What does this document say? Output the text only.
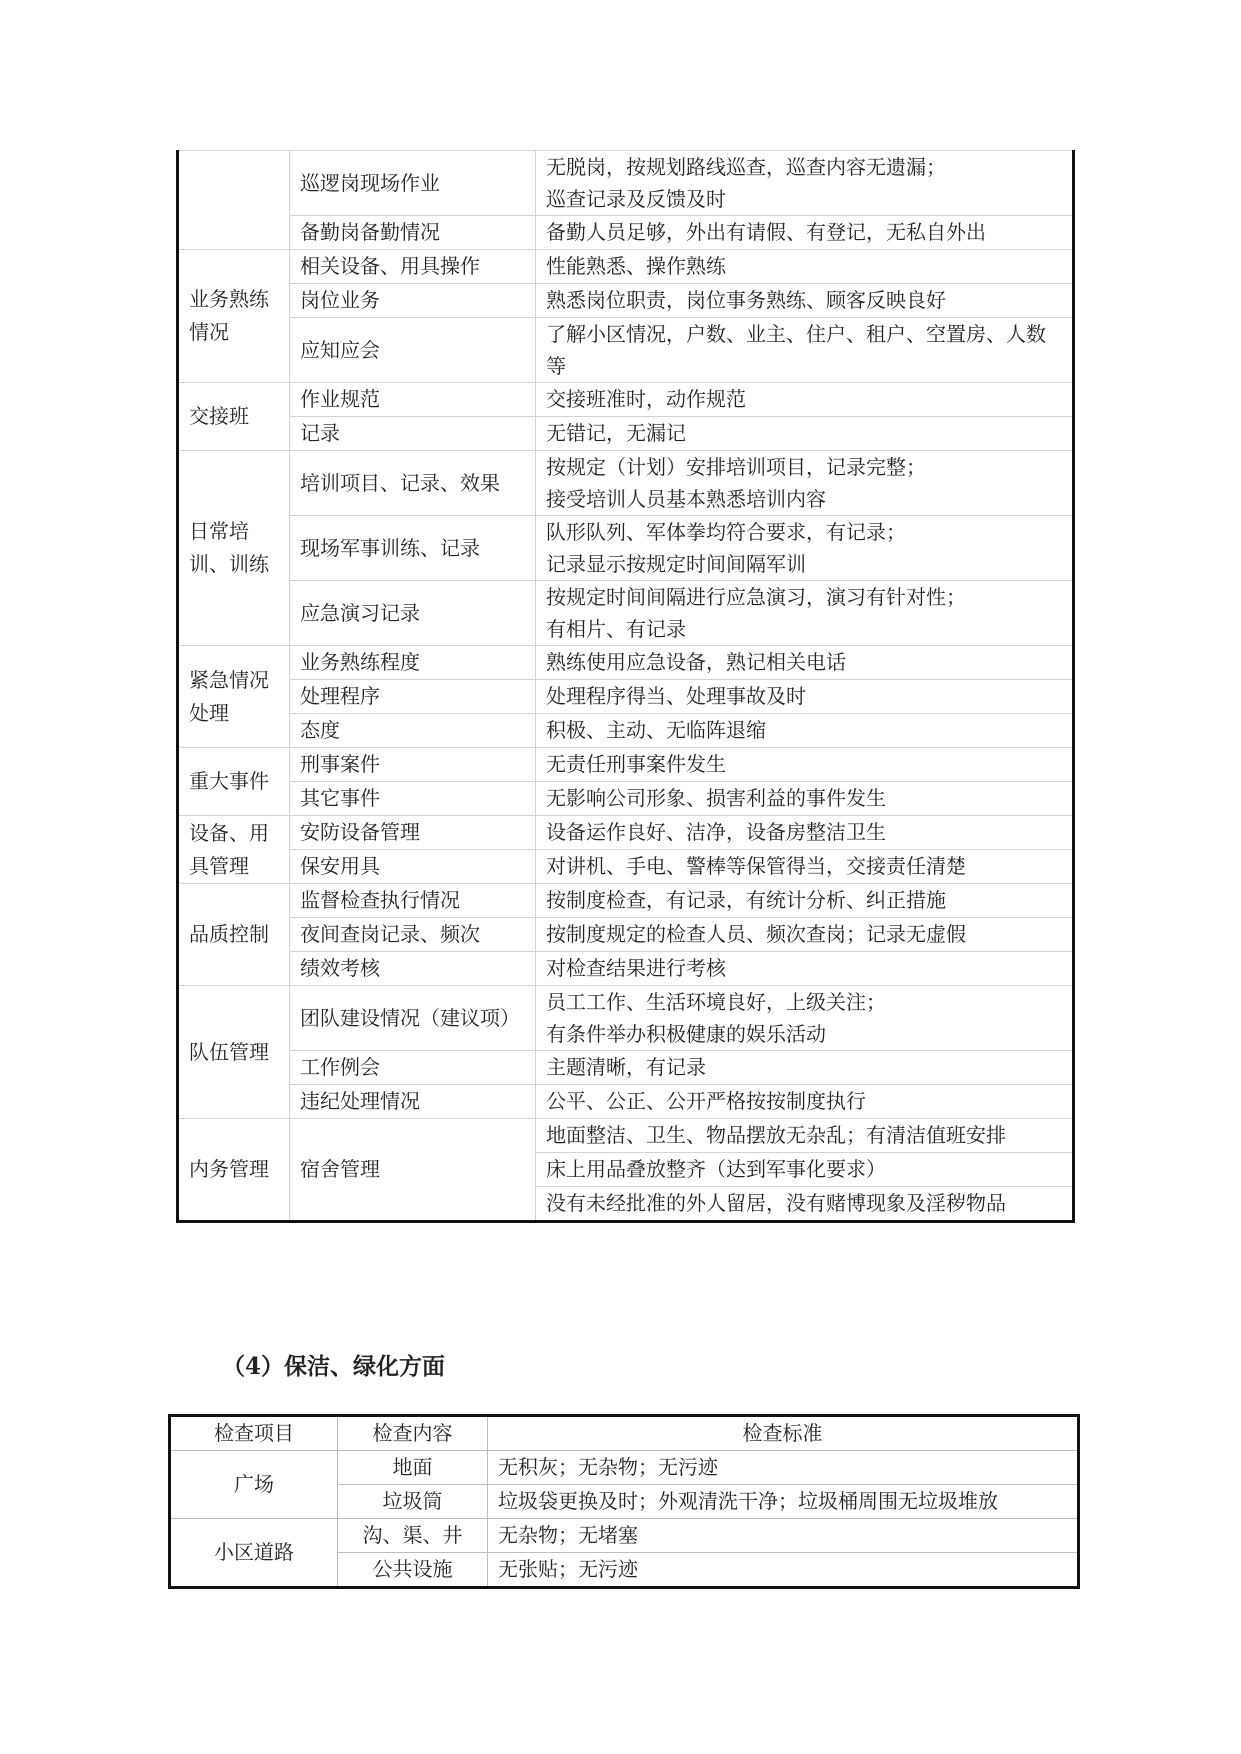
	巡逻岗现场作业	无脱岗，按规划路线巡查，巡查内容无遗漏；
巡查记录及反馈及时
	备勤岗备勤情况	备勤人员足够，外出有请假、有登记，无私自外出
业务熟练情况	相关设备、用具操作	性能熟悉、操作熟练
	岗位业务	熟悉岗位职责，岗位事务熟练、顾客反映良好
	应知应会	了解小区情况，户数、业主、住户、租户、空置房、人数等
交接班	作业规范	交接班准时，动作规范
	记录	无错记，无漏记
日常培训、训练	培训项目、记录、效果	按规定（计划）安排培训项目，记录完整；
接受培训人员基本熟悉培训内容
	现场军事训练、记录	队形队列、军体拳均符合要求，有记录；
记录显示按规定时间间隔军训
	应急演习记录	按规定时间间隔进行应急演习，演习有针对性；
有相片、有记录
紧急情况处理	业务熟练程度	熟练使用应急设备，熟记相关电话
	处理程序	处理程序得当、处理事故及时
	态度	积极、主动、无临阵退缩
重大事件	刑事案件	无责任刑事案件发生
	其它事件	无影响公司形象、损害利益的事件发生
设备、用具管理	安防设备管理	设备运作良好、洁净，设备房整洁卫生
	保安用具	对讲机、手电、警棒等保管得当，交接责任清楚
品质控制	监督检查执行情况	按制度检查，有记录，有统计分析、纠正措施
	夜间查岗记录、频次	按制度规定的检查人员、频次查岗；记录无虚假
	绩效考核	对检查结果进行考核
队伍管理	团队建设情况（建议项）	员工工作、生活环境良好，上级关注；
有条件举办积极健康的娱乐活动
	工作例会	主题清晰，有记录
	违纪处理情况	公平、公正、公开严格按按制度执行
内务管理	宿舍管理	地面整洁、卫生、物品摆放无杂乱；有清洁值班安排
		床上用品叠放整齐（达到军事化要求）
		没有未经批准的外人留居，没有赌博现象及淫秽物品
（4）保洁、绿化方面
检查项目	检查内容	检查标准
广场	地面	无积灰；无杂物；无污迹
	垃圾筒	垃圾袋更换及时；外观清洗干净；垃圾桶周围无垃圾堆放
小区道路	沟、渠、井	无杂物；无堵塞
	公共设施	无张贴；无污迹
